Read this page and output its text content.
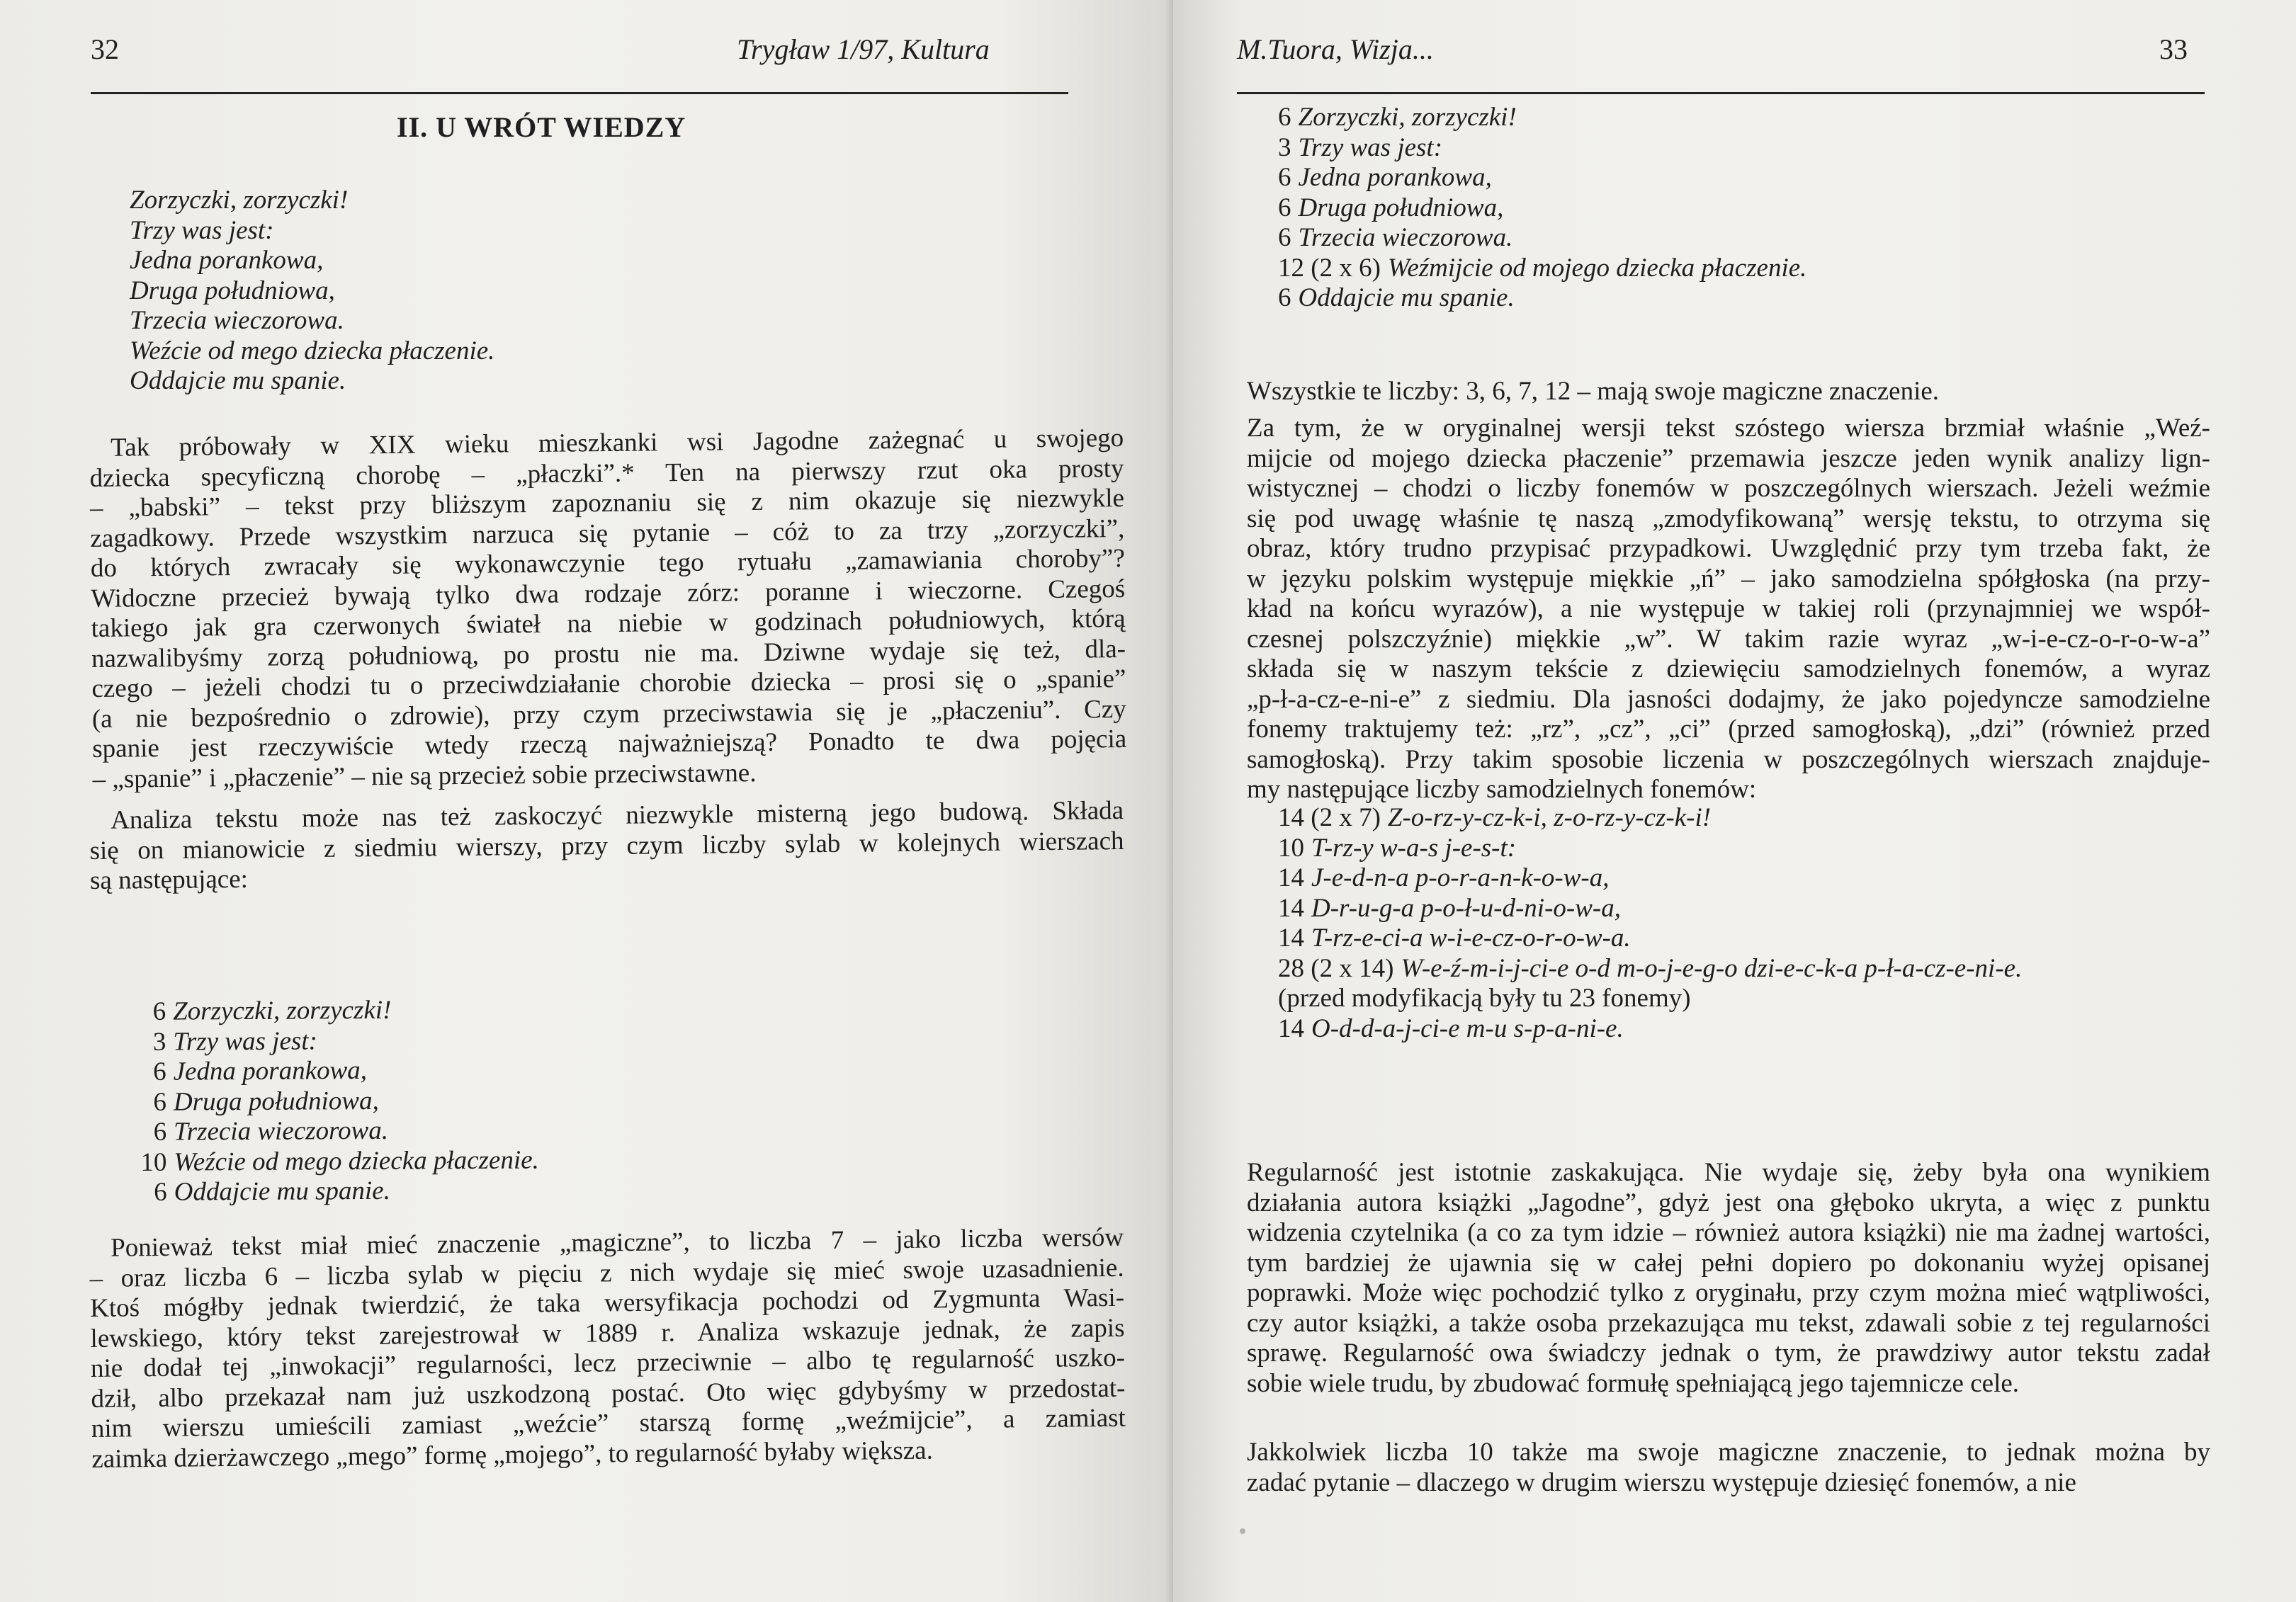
32	Trygław 1/97, Kultura
II. U WRÓT WIEDZY
Zorzyczki, zorzyczki!
Trzy was jest:
Jedna porankowa,
Druga południowa,
Trzecia wieczorowa.
Weźcie od mego dziecka płaczenie.
Oddajcie mu spanie.
Tak próbowały w XIX wieku mieszkanki wsi Jagodne zażegnać u swojego
dziecka specyficzną chorobę – „płaczki”.* Ten na pierwszy rzut oka prosty
– „babski” – tekst przy bliższym zapoznaniu się z nim okazuje się niezwykle
zagadkowy. Przede wszystkim narzuca się pytanie – cóż to za trzy „zorzyczki”,
do których zwracały się wykonawczynie tego rytuału „zamawiania choroby”?
Widoczne przecież bywają tylko dwa rodzaje zórz: poranne i wieczorne. Czegoś
takiego jak gra czerwonych świateł na niebie w godzinach południowych, którą
nazwalibyśmy zorzą południową, po prostu nie ma. Dziwne wydaje się też, dla-
czego – jeżeli chodzi tu o przeciwdziałanie chorobie dziecka – prosi się o „spanie”
(a nie bezpośrednio o zdrowie), przy czym przeciwstawia się je „płaczeniu”. Czy
spanie jest rzeczywiście wtedy rzeczą najważniejszą? Ponadto te dwa pojęcia
– „spanie” i „płaczenie” – nie są przecież sobie przeciwstawne.
Analiza tekstu może nas też zaskoczyć niezwykle misterną jego budową. Składa
się on mianowicie z siedmiu wierszy, przy czym liczby sylab w kolejnych wierszach
są następujące:
6 Zorzyczki, zorzyczki!
3 Trzy was jest:
6 Jedna porankowa,
6 Druga południowa,
6 Trzecia wieczorowa.
10 Weźcie od mego dziecka płaczenie.
6 Oddajcie mu spanie.
Ponieważ tekst miał mieć znaczenie „magiczne”, to liczba 7 – jako liczba wersów
– oraz liczba 6 – liczba sylab w pięciu z nich wydaje się mieć swoje uzasadnienie.
Ktoś mógłby jednak twierdzić, że taka wersyfikacja pochodzi od Zygmunta Wasi-
lewskiego, który tekst zarejestrował w 1889 r. Analiza wskazuje jednak, że zapis
nie dodał tej „inwokacji” regularności, lecz przeciwnie – albo tę regularność uszko-
dził, albo przekazał nam już uszkodzoną postać. Oto więc gdybyśmy w przedostat-
nim wierszu umieścili zamiast „weźcie” starszą formę „weźmijcie”, a zamiast
zaimka dzierżawczego „mego” formę „mojego”, to regularność byłaby większa.
M.Tuora, Wizja...	33
6 Zorzyczki, zorzyczki!
3 Trzy was jest:
6 Jedna porankowa,
6 Druga południowa,
6 Trzecia wieczorowa.
12 (2 x 6) Weźmijcie od mojego dziecka płaczenie.
6 Oddajcie mu spanie.
Wszystkie te liczby: 3, 6, 7, 12 – mają swoje magiczne znaczenie.
Za tym, że w oryginalnej wersji tekst szóstego wiersza brzmiał właśnie „Weź-
mijcie od mojego dziecka płaczenie” przemawia jeszcze jeden wynik analizy lign-
wistycznej – chodzi o liczby fonemów w poszczególnych wierszach. Jeżeli weźmie
się pod uwagę właśnie tę naszą „zmodyfikowaną” wersję tekstu, to otrzyma się
obraz, który trudno przypisać przypadkowi. Uwzględnić przy tym trzeba fakt, że
w języku polskim występuje miękkie „ń” – jako samodzielna spółgłoska (na przy-
kład na końcu wyrazów), a nie występuje w takiej roli (przynajmniej we współ-
czesnej polszczyźnie) miękkie „w”. W takim razie wyraz „w-i-e-cz-o-r-o-w-a”
składa się w naszym tekście z dziewięciu samodzielnych fonemów, a wyraz
„p-ł-a-cz-e-ni-e” z siedmiu. Dla jasności dodajmy, że jako pojedyncze samodzielne
fonemy traktujemy też: „rz”, „cz”, „ci” (przed samogłoską), „dzi” (również przed
samogłoską). Przy takim sposobie liczenia w poszczególnych wierszach znajduje-
my następujące liczby samodzielnych fonemów:
14 (2 x 7) Z-o-rz-y-cz-k-i, z-o-rz-y-cz-k-i!
10 T-rz-y w-a-s j-e-s-t:
14 J-e-d-n-a p-o-r-a-n-k-o-w-a,
14 D-r-u-g-a p-o-ł-u-d-ni-o-w-a,
14 T-rz-e-ci-a w-i-e-cz-o-r-o-w-a.
28 (2 x 14) W-e-ź-m-i-j-ci-e o-d m-o-j-e-g-o dzi-e-c-k-a p-ł-a-cz-e-ni-e.
(przed modyfikacją były tu 23 fonemy)
14 O-d-d-a-j-ci-e m-u s-p-a-ni-e.
Regularność jest istotnie zaskakująca. Nie wydaje się, żeby była ona wynikiem
działania autora książki „Jagodne”, gdyż jest ona głęboko ukryta, a więc z punktu
widzenia czytelnika (a co za tym idzie – również autora książki) nie ma żadnej wartości,
tym bardziej że ujawnia się w całej pełni dopiero po dokonaniu wyżej opisanej
poprawki. Może więc pochodzić tylko z oryginału, przy czym można mieć wątpliwości,
czy autor książki, a także osoba przekazująca mu tekst, zdawali sobie z tej regularności
sprawę. Regularność owa świadczy jednak o tym, że prawdziwy autor tekstu zadał
sobie wiele trudu, by zbudować formułę spełniającą jego tajemnicze cele.
Jakkolwiek liczba 10 także ma swoje magiczne znaczenie, to jednak można by
zadać pytanie – dlaczego w drugim wierszu występuje dziesięć fonemów, a nie
